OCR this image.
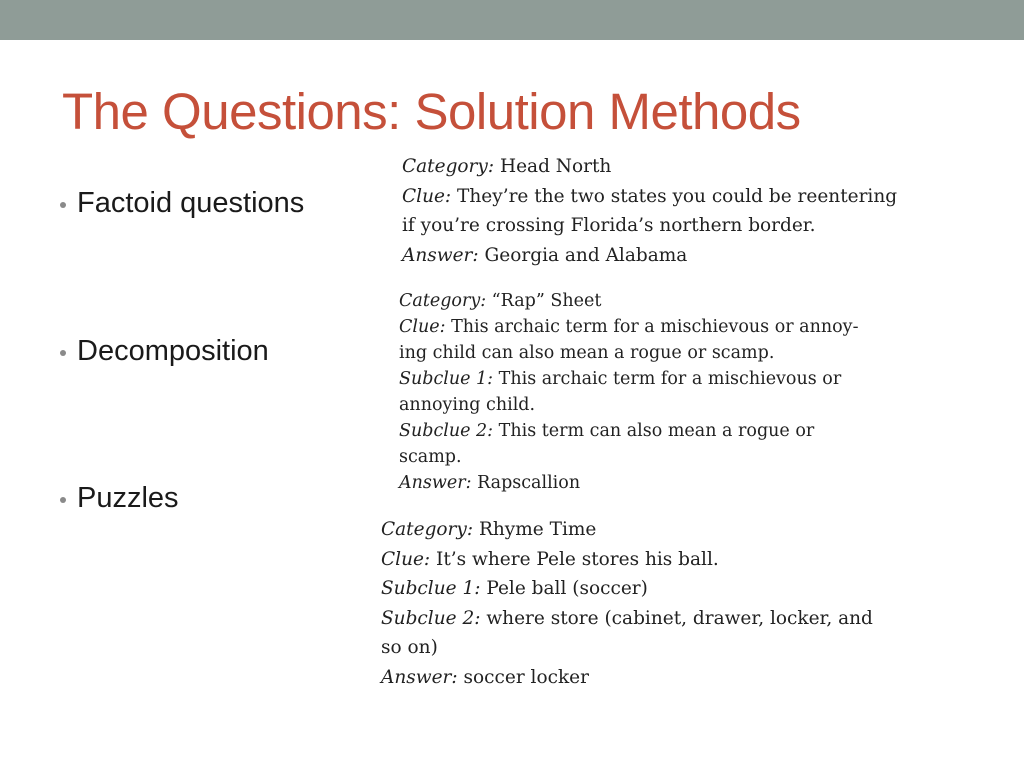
The Questions: Solution Methods
Factoid questions
Decomposition
Puzzles
Category: Head North
Clue: They’re the two states you could be reentering
if you’re crossing Florida’s northern border.
Answer: Georgia and Alabama
Category: “Rap” Sheet
Clue: This archaic term for a mischievous or annoy-
ing child can also mean a rogue or scamp.
Subclue 1: This archaic term for a mischievous or
annoying child.
Subclue 2: This term can also mean a rogue or
scamp.
Answer: Rapscallion
Category: Rhyme Time
Clue: It’s where Pele stores his ball.
Subclue 1: Pele ball (soccer)
Subclue 2: where store (cabinet, drawer, locker, and
so on)
Answer: soccer locker
